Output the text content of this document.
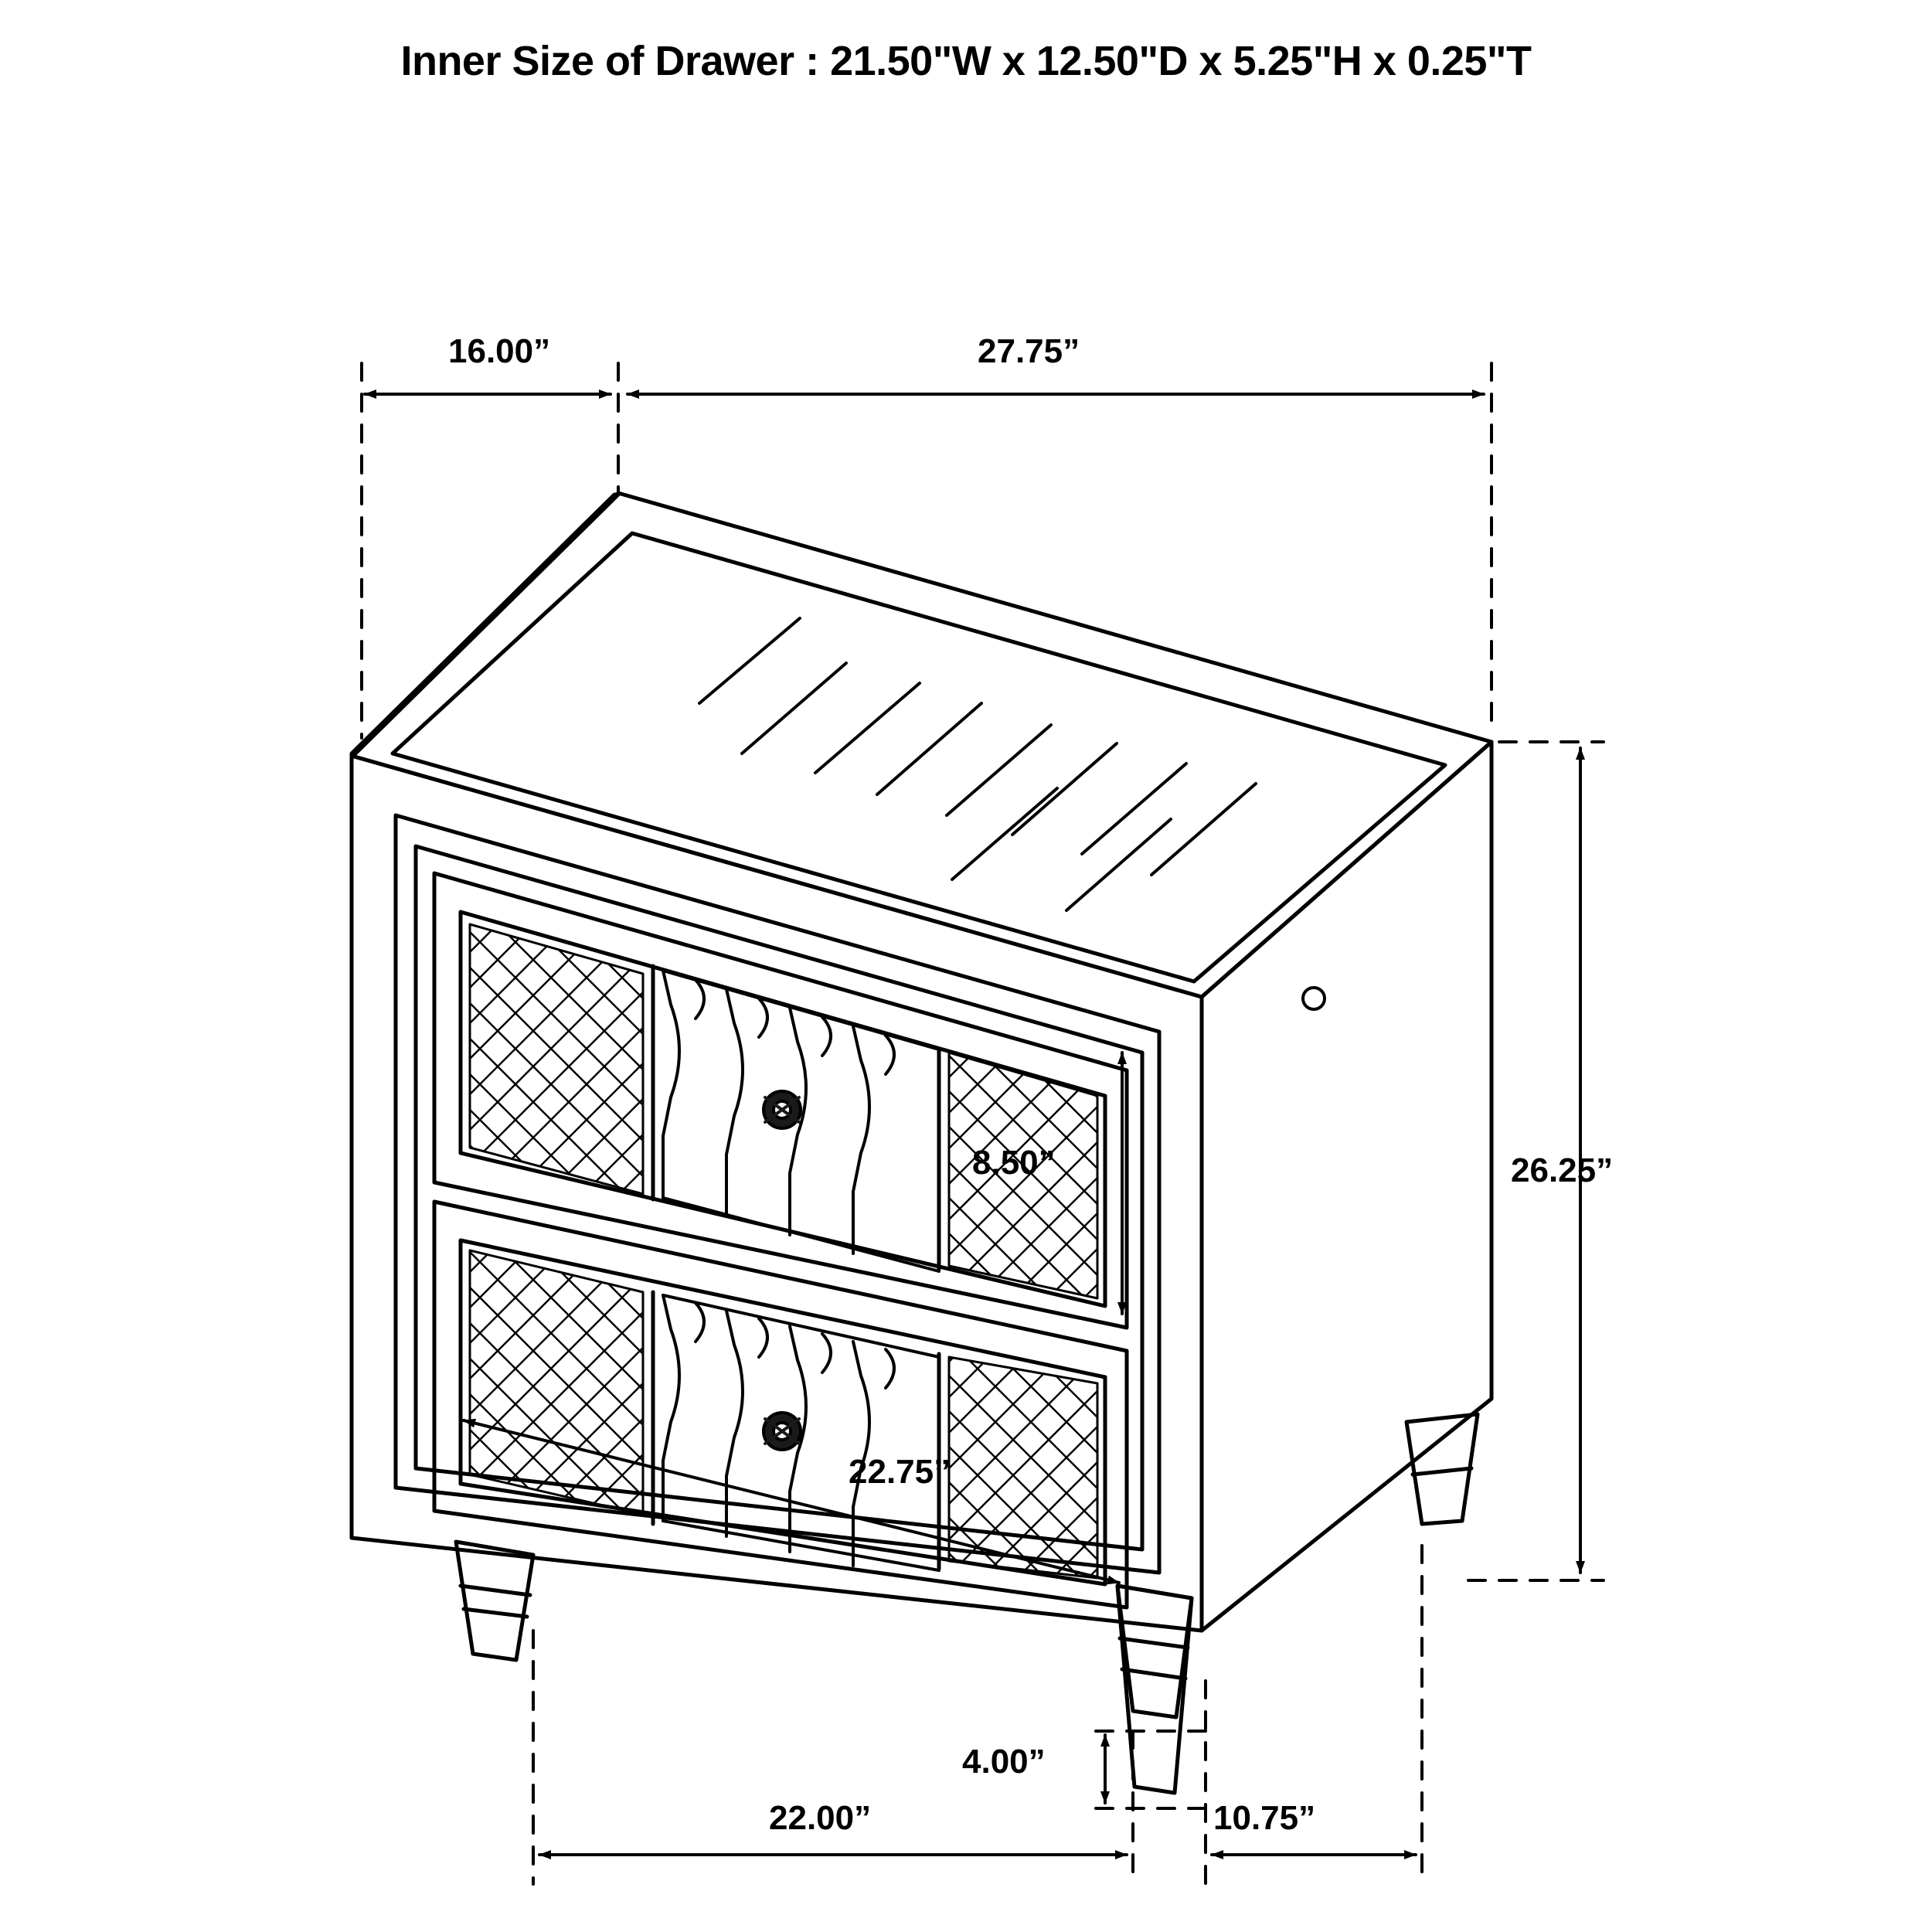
Inner Size of Drawer : 21.50"W x 12.50"D x 5.25"H x 0.25"T
16.00”	27.75”
26.25”
8.50”
22.75”
4.00”
22.00”	10.75”
